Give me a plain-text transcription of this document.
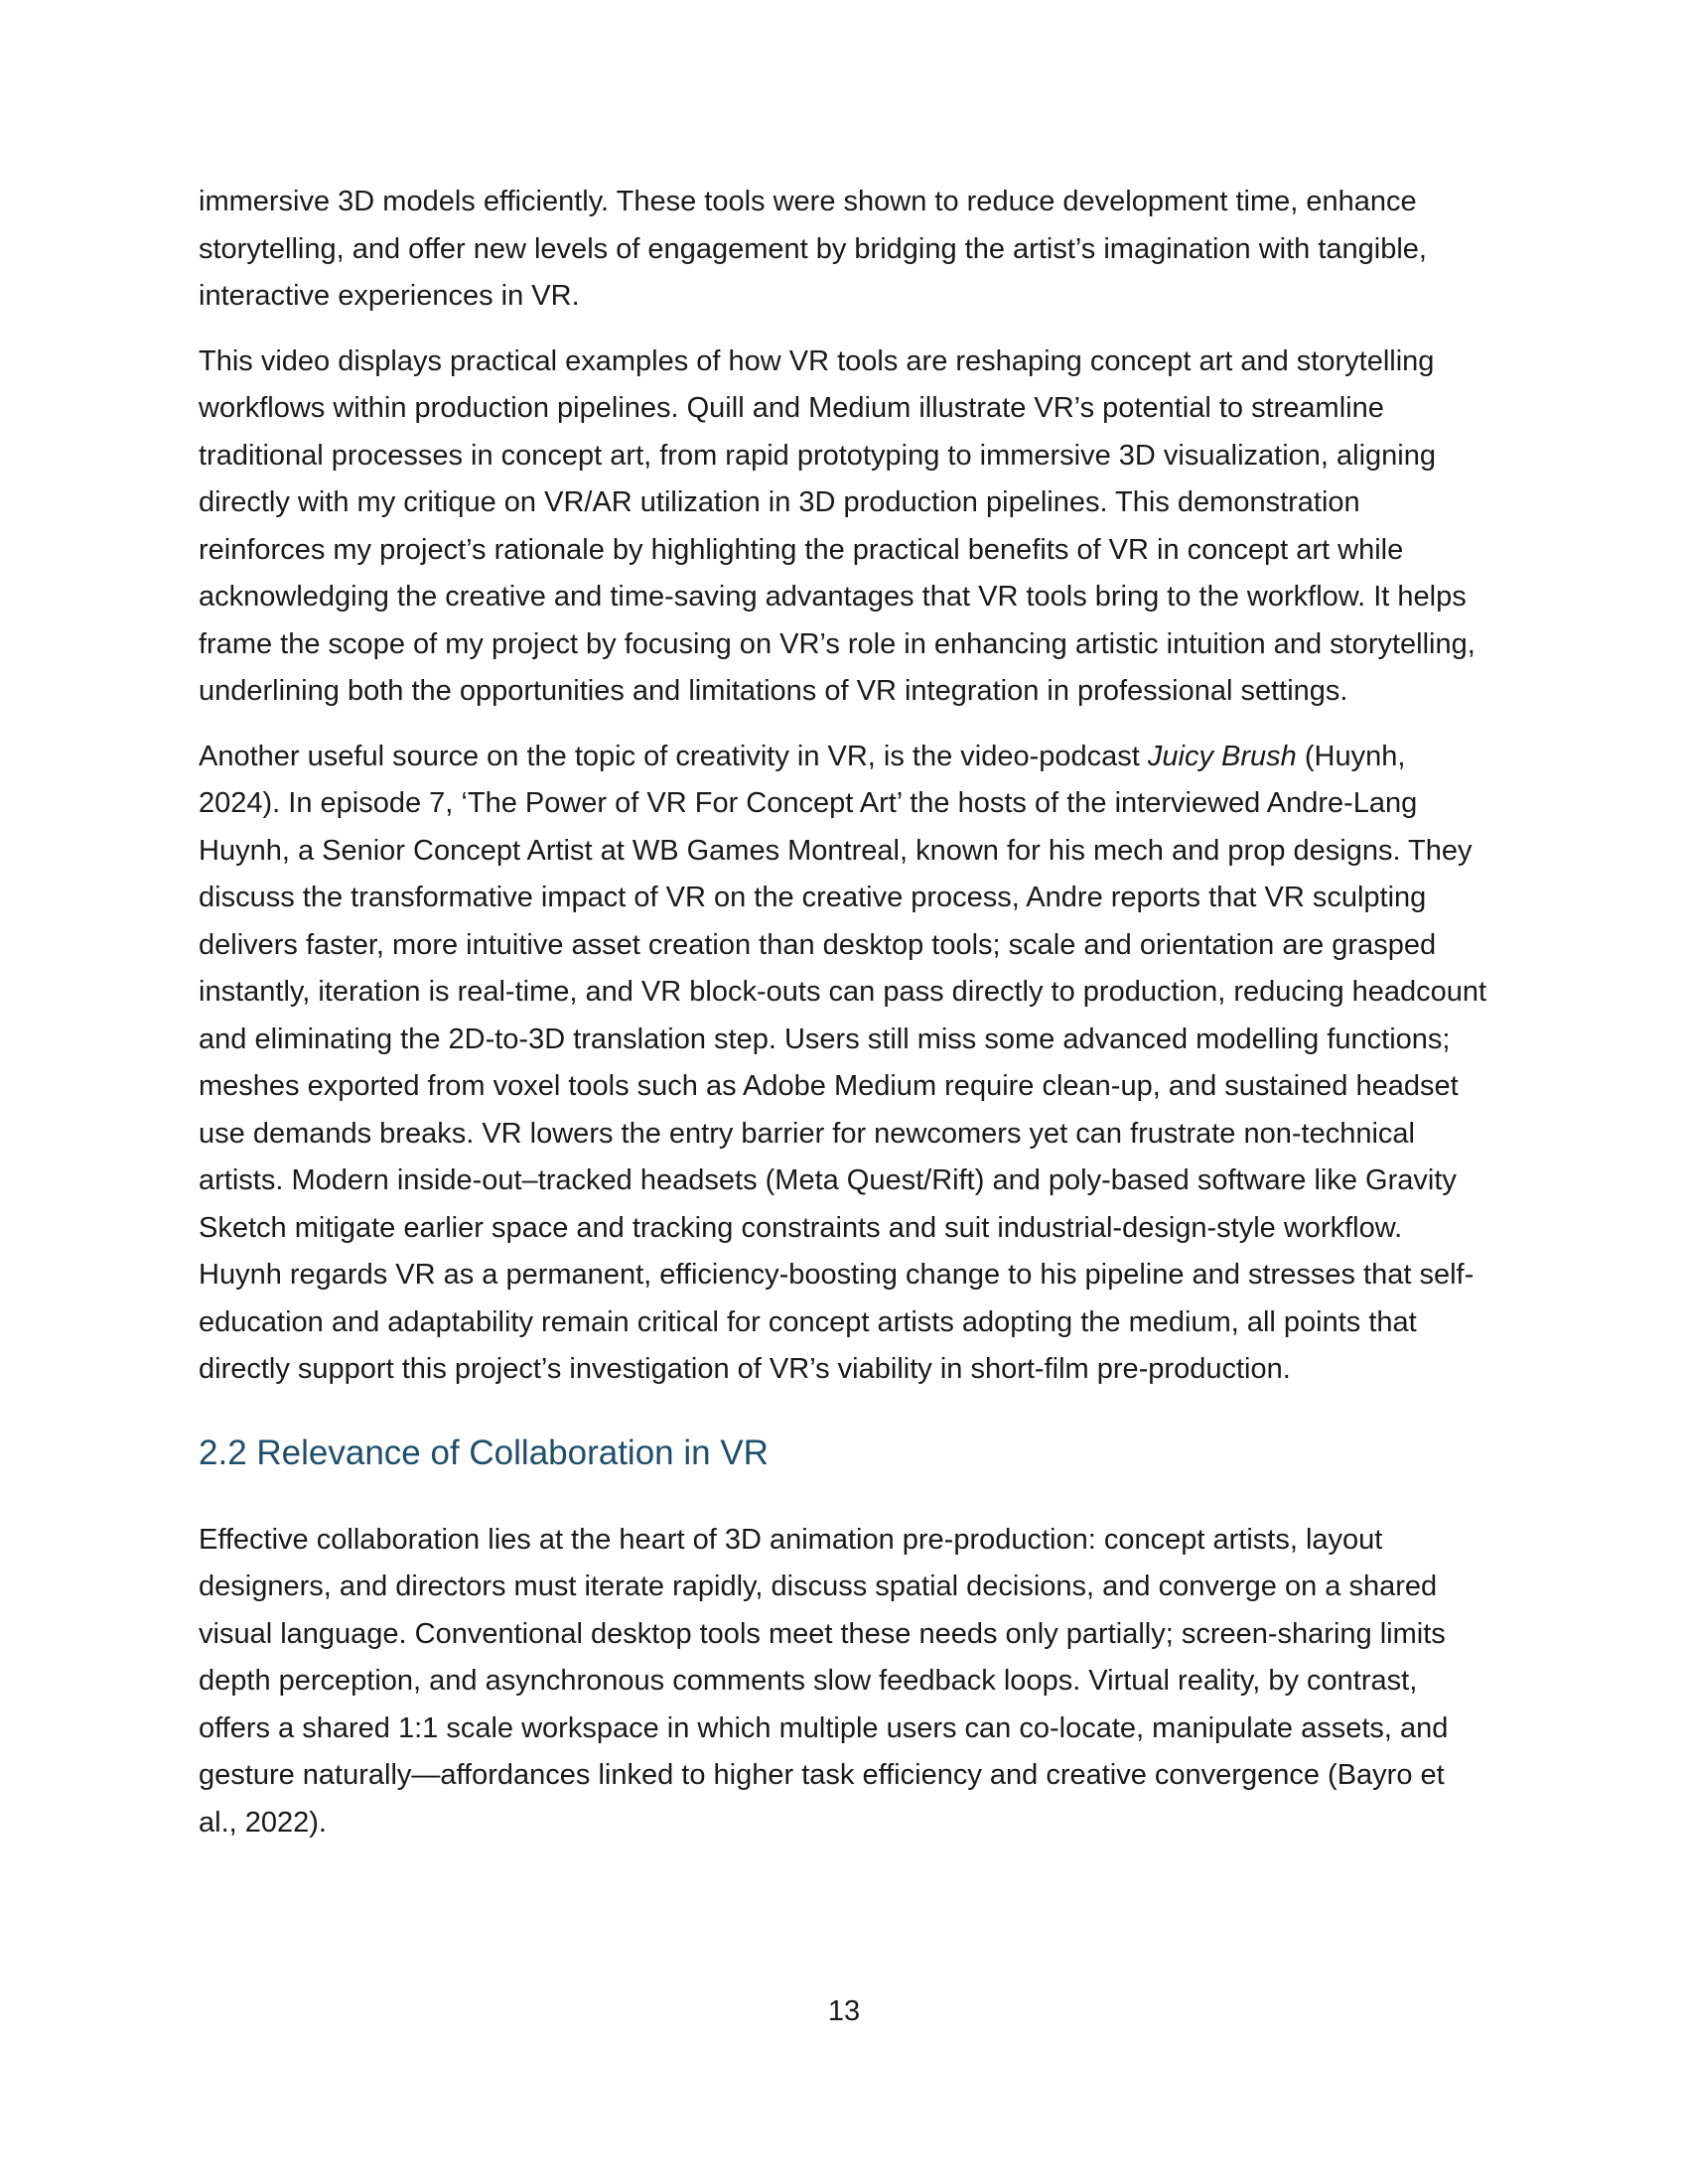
immersive 3D models efficiently. These tools were shown to reduce development time, enhance storytelling, and offer new levels of engagement by bridging the artist’s imagination with tangible, interactive experiences in VR.

This video displays practical examples of how VR tools are reshaping concept art and storytelling workflows within production pipelines. Quill and Medium illustrate VR’s potential to streamline traditional processes in concept art, from rapid prototyping to immersive 3D visualization, aligning directly with my critique on VR/AR utilization in 3D production pipelines. This demonstration reinforces my project’s rationale by highlighting the practical benefits of VR in concept art while acknowledging the creative and time-saving advantages that VR tools bring to the workflow. It helps frame the scope of my project by focusing on VR’s role in enhancing artistic intuition and storytelling, underlining both the opportunities and limitations of VR integration in professional settings.

Another useful source on the topic of creativity in VR, is the video-podcast Juicy Brush (Huynh, 2024). In episode 7, ‘The Power of VR For Concept Art’ the hosts of the interviewed Andre-Lang Huynh, a Senior Concept Artist at WB Games Montreal, known for his mech and prop designs. They discuss the transformative impact of VR on the creative process, Andre reports that VR sculpting delivers faster, more intuitive asset creation than desktop tools; scale and orientation are grasped instantly, iteration is real-time, and VR block-outs can pass directly to production, reducing headcount and eliminating the 2D-to-3D translation step. Users still miss some advanced modelling functions; meshes exported from voxel tools such as Adobe Medium require clean-up, and sustained headset use demands breaks. VR lowers the entry barrier for newcomers yet can frustrate non-technical artists. Modern inside-out–tracked headsets (Meta Quest/Rift) and poly-based software like Gravity Sketch mitigate earlier space and tracking constraints and suit industrial-design-style workflow. Huynh regards VR as a permanent, efficiency-boosting change to his pipeline and stresses that self-education and adaptability remain critical for concept artists adopting the medium, all points that directly support this project’s investigation of VR’s viability in short-film pre-production.

2.2 Relevance of Collaboration in VR

Effective collaboration lies at the heart of 3D animation pre-production: concept artists, layout designers, and directors must iterate rapidly, discuss spatial decisions, and converge on a shared visual language. Conventional desktop tools meet these needs only partially; screen-sharing limits depth perception, and asynchronous comments slow feedback loops. Virtual reality, by contrast, offers a shared 1:1 scale workspace in which multiple users can co-locate, manipulate assets, and gesture naturally—affordances linked to higher task efficiency and creative convergence (Bayro et al., 2022).

13
